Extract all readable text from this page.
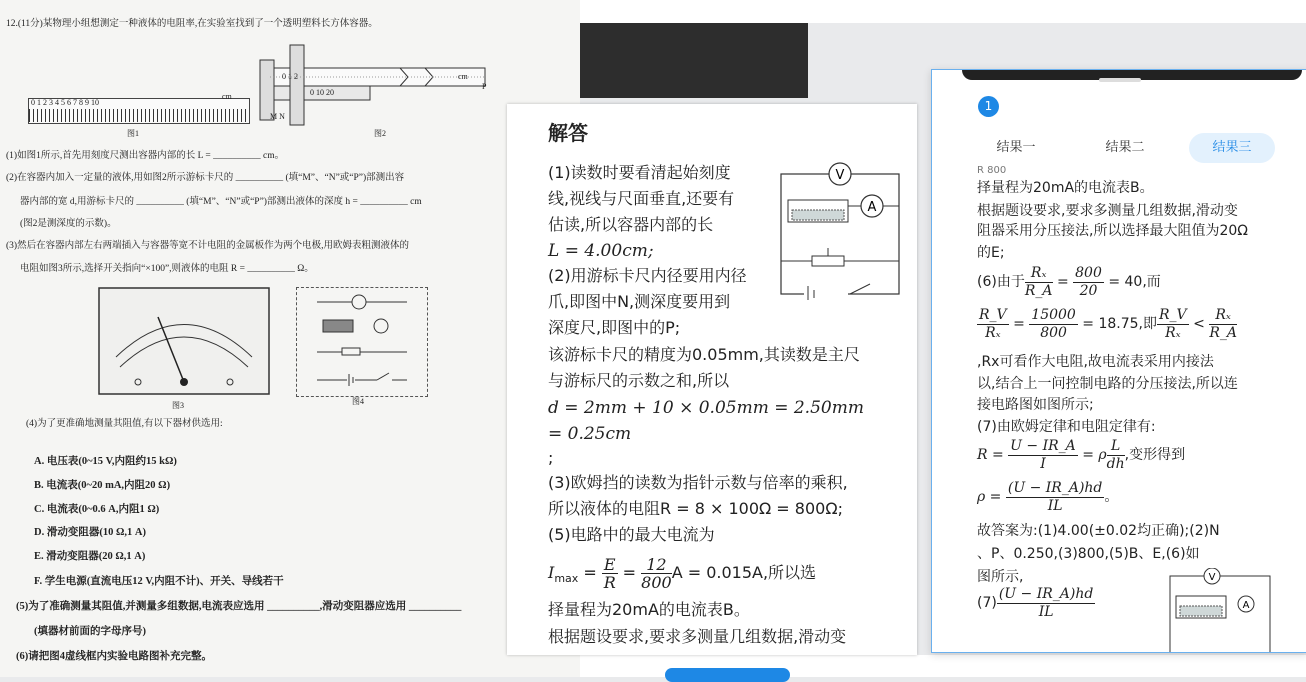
12.(11分)某物理小组想测定一种液体的电阻率,在实验室找到了一个透明塑料长方体容器。
0 1 2 3 4 5 6 7 8 9 10
cm
图1
0 1 2	cm
0 10 20
M N
P
图2
(1)如图1所示,首先用刻度尺测出容器内部的长 L = __________ cm。
(2)在容器内加入一定量的液体,用如图2所示游标卡尺的 __________ (填“M”、“N”或“P”)部测出容
器内部的宽 d,用游标卡尺的 __________ (填“M”、“N”或“P”)部测出液体的深度 h = __________ cm
(图2是测深度的示数)。
(3)然后在容器内部左右两端插入与容器等宽不计电阻的金属板作为两个电极,用欧姆表粗测液体的
电阻如图3所示,选择开关指向“×100”,则液体的电阻 R = __________ Ω。
图3	图4
(4)为了更准确地测量其阻值,有以下器材供选用:
A. 电压表(0~15 V,内阻约15 kΩ)
B. 电流表(0~20 mA,内阻20 Ω)
C. 电流表(0~0.6 A,内阻1 Ω)
D. 滑动变阻器(10 Ω,1 A)
E. 滑动变阻器(20 Ω,1 A)
F. 学生电源(直流电压12 V,内阻不计)、开关、导线若干
(5)为了准确测量其阻值,并测量多组数据,电流表应选用 __________,滑动变阻器应选用 __________
(填器材前面的字母序号)
(6)请把图4虚线框内实验电路图补充完整。
解答
V
A
(1)读数时要看清起始刻度
线,视线与尺面垂直,还要有
估读,所以容器内部的长
L = 4.00cm;
(2)用游标卡尺内径要用内径
爪,即图中N,测深度要用到
深度尺,即图中的P;
该游标卡尺的精度为0.05mm,其读数是主尺
与游标尺的示数之和,所以
d = 2mm + 10 × 0.05mm = 2.50mm
= 0.25cm
;
(3)欧姆挡的读数为指针示数与倍率的乘积,
所以液体的电阻R = 8 × 100Ω = 800Ω;
(5)电路中的最大电流为
$I_{max} = \frac{E}{R} = \frac{12}{800}$ A = 0.015A,所以选
择量程为20mA的电流表B。
根据题设要求,要求多测量几组数据,滑动变
1
结果一	结果二	结果三
R 800
择量程为20mA的电流表B。
根据题设要求,要求多测量几组数据,滑动变
阻器采用分压接法,所以选择最大阻值为20Ω
的E;
(6)由于 $\frac{\text{Rₓ}}{R\_A} = \frac{800}{20} = 40$,而
$\frac{R\_V}{\text{Rₓ}} = \frac{15000}{800} = 18.75$,即 $\frac{R\_V}{\text{Rₓ}} < \frac{\text{Rₓ}}{R\_A}$
,Rx可看作大电阻,故电流表采用内接法
以,结合上一问控制电路的分压接法,所以连
接电路图如图所示;
(7)由欧姆定律和电阻定律有:
$R = \frac{U - IR\_A}{I} = \rho \frac{L}{dh}$ ,变形得到
$\rho = \frac{(U - IR\_A)hd}{IL}$ 。
故答案为:(1)4.00(±0.02均正确);(2)N
、P、0.250,(3)800,(5)B、E,(6)如
图所示,
$(7) \frac{(U - IR\_A)hd}{IL}$
V
A
